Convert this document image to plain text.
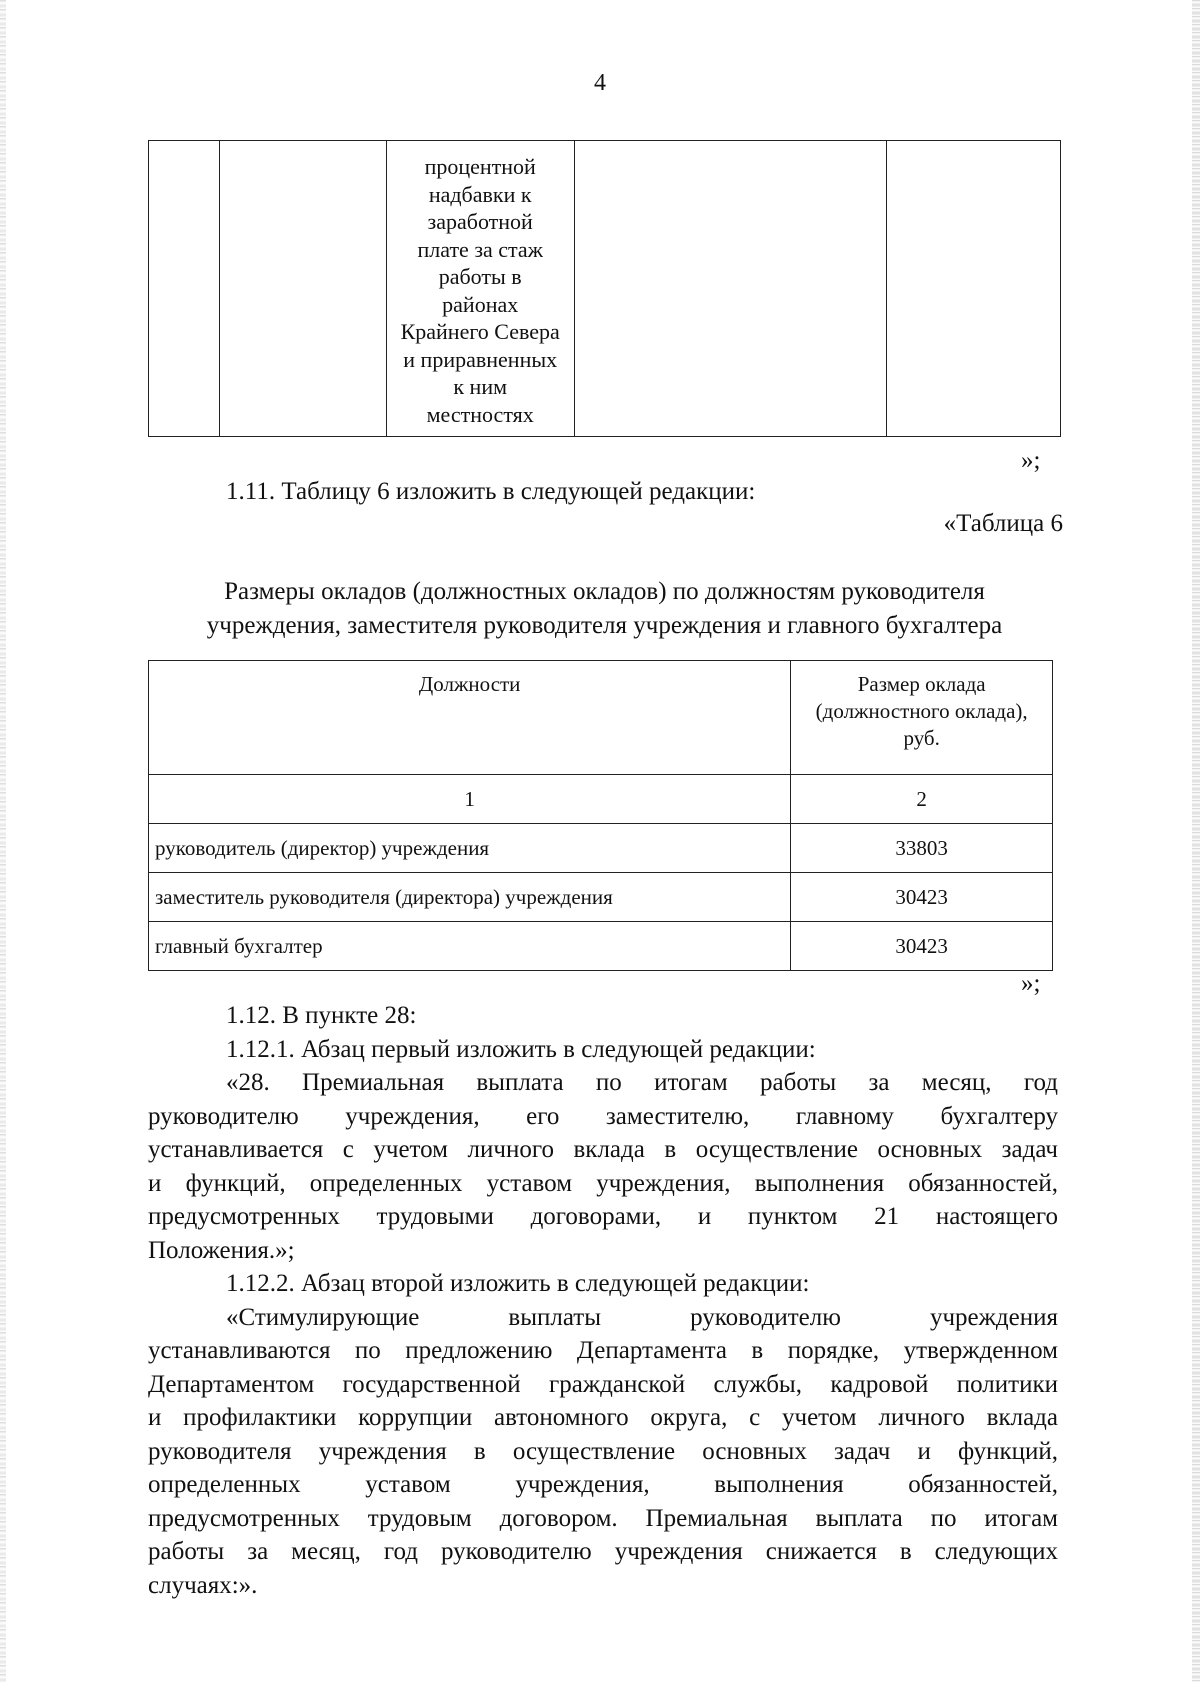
4

процентной
надбавки к
заработной
плате за стаж
работы в
районах
Крайнего Севера
и приравненных
к ним
местностях

»;
1.11. Таблицу 6 изложить в следующей редакции:
«Таблица 6
Размеры окладов (должностных окладов) по должностям руководителя
учреждения, заместителя руководителя учреждения и главного бухгалтера
Должности	Размер оклада
(должностного оклада),
руб.

1	2
руководитель (директор) учреждения	33803
заместитель руководителя (директора) учреждения	30423
главный бухгалтер	30423
»;
1.12. В пункте 28:
1.12.1. Абзац первый изложить в следующей редакции:
«28. Премиальная выплата по итогам работы за месяц, год
руководителю учреждения, его заместителю, главному бухгалтеру
устанавливается с учетом личного вклада в осуществление основных задач
и функций, определенных уставом учреждения, выполнения обязанностей,
предусмотренных трудовыми договорами, и пунктом 21 настоящего
Положения.»;
1.12.2. Абзац второй изложить в следующей редакции:
«Стимулирующие выплаты руководителю учреждения
устанавливаются по предложению Департамента в порядке, утвержденном
Департаментом государственной гражданской службы, кадровой политики
и профилактики коррупции автономного округа, с учетом личного вклада
руководителя учреждения в осуществление основных задач и функций,
определенных уставом учреждения, выполнения обязанностей,
предусмотренных трудовым договором. Премиальная выплата по итогам
работы за месяц, год руководителю учреждения снижается в следующих
случаях:».
